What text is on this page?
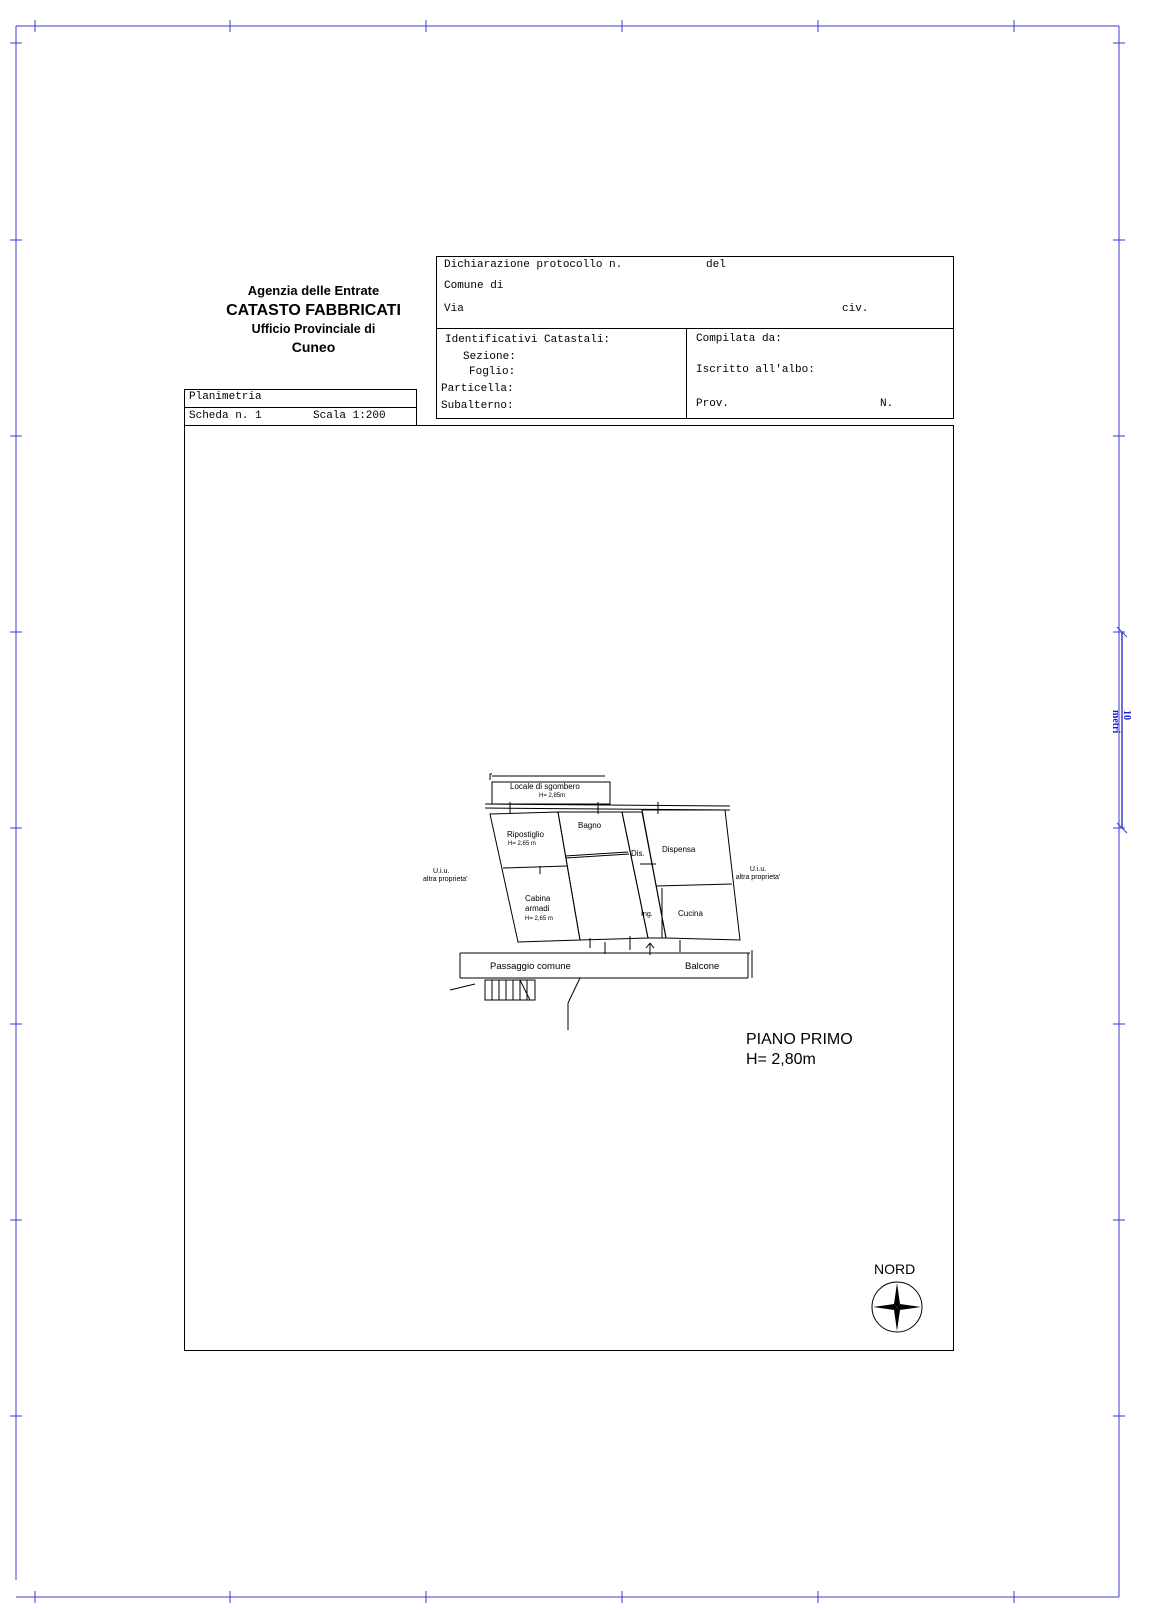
10 metri
Agenzia delle Entrate
CATASTO FABBRICATI
Ufficio Provinciale di
Cuneo
Dichiarazione protocollo n.	del
Comune di
Via	civ.
Identificativi Catastali:
Sezione:
Foglio:
Particella:
Subalterno:
Compilata da:
Iscritto all'albo:
Prov.	N.
Planimetria
Scheda n. 1	Scala 1:200
Locale di sgombero
H= 2,85m
Ripostiglio
H= 2,65 m
Bagno
Dis. Dispensa
Cabina
armadi
H= 2,65 m
Ing.	Cucina
U.i.u.
altra proprieta'
U.i.u.
altra proprieta'
Passaggio comune	Balcone
PIANO PRIMO
H= 2,80m
NORD
